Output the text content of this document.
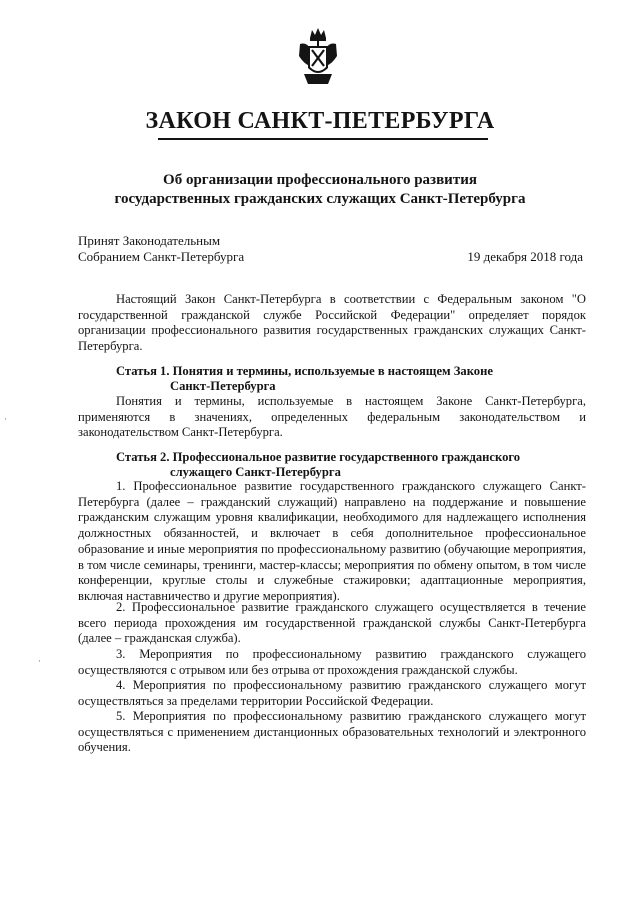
ЗАКОН САНКТ-ПЕТЕРБУРГА
Об организации профессионального развития
государственных гражданских служащих Санкт-Петербурга
Принят Законодательным
Собранием Санкт-Петербурга	19 декабря 2018 года

Настоящий Закон Санкт-Петербурга в соответствии с Федеральным законом "О государственной гражданской службе Российской Федерации" определяет порядок организации профессионального развития государственных гражданских служащих Санкт-Петербурга.

Статья 1. Понятия и термины, используемые в настоящем Законе
Санкт-Петербурга

Понятия и термины, используемые в настоящем Законе Санкт-Петербурга, применяются в значениях, определенных федеральным законодательством и законодательством Санкт-Петербурга.

Статья 2. Профессиональное развитие государственного гражданского
служащего Санкт-Петербурга

1. Профессиональное развитие государственного гражданского служащего Санкт-Петербурга (далее – гражданский служащий) направлено на поддержание и повышение гражданским служащим уровня квалификации, необходимого для надлежащего исполнения должностных обязанностей, и включает в себя дополнительное профессиональное образование и иные мероприятия по профессиональному развитию (обучающие мероприятия, в том числе семинары, тренинги, мастер-классы; мероприятия по обмену опытом, в том числе конференции, круглые столы и служебные стажировки; адаптационные мероприятия, включая наставничество и другие мероприятия).

2. Профессиональное развитие гражданского служащего осуществляется в течение всего периода прохождения им государственной гражданской службы Санкт-Петербурга (далее – гражданская служба).

3. Мероприятия по профессиональному развитию гражданского служащего осуществляются с отрывом или без отрыва от прохождения гражданской службы.

4. Мероприятия по профессиональному развитию гражданского служащего могут осуществляться за пределами территории Российской Федерации.

5. Мероприятия по профессиональному развитию гражданского служащего могут осуществляться с применением дистанционных образовательных технологий и электронного обучения.

·
·
